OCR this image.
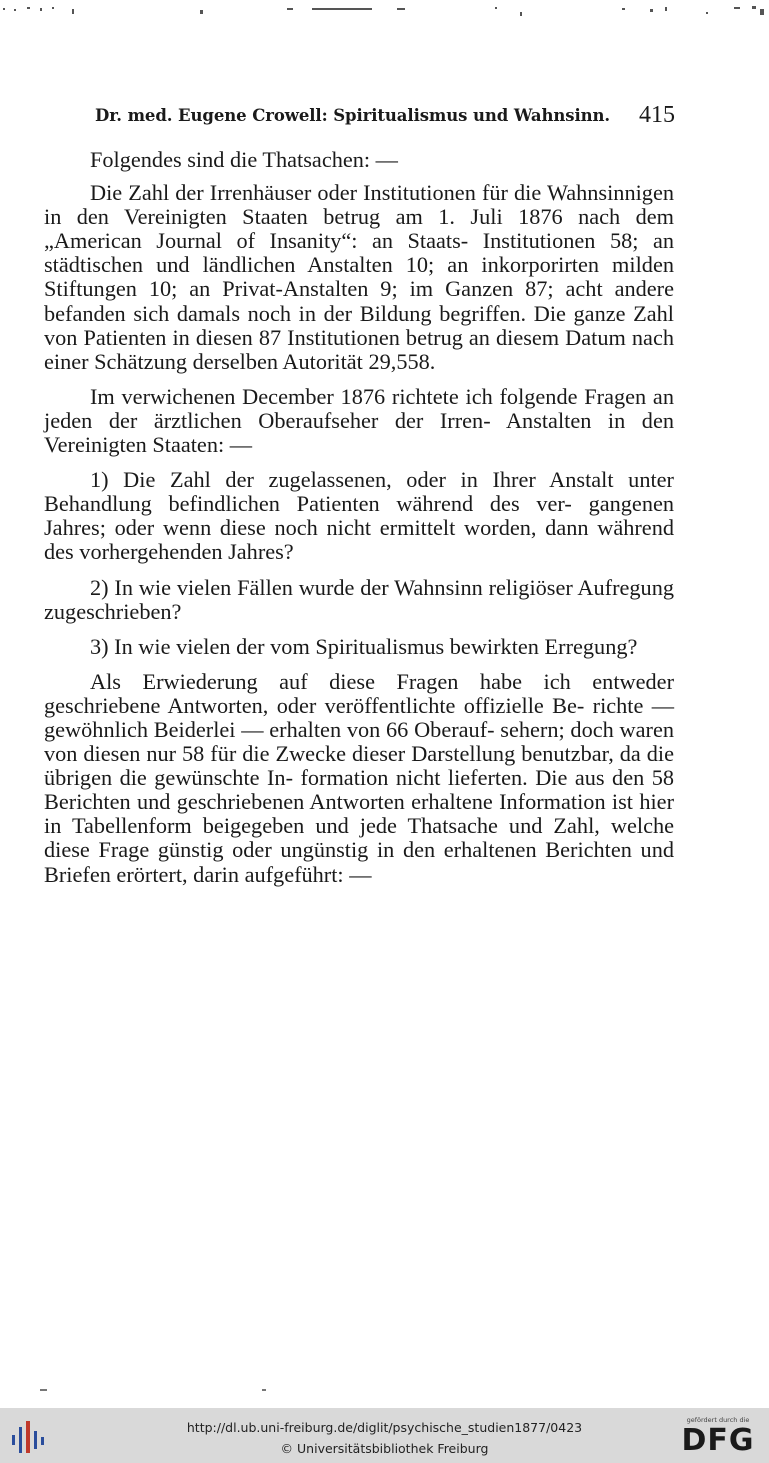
Dr. med. Eugene Crowell: Spiritualismus und Wahnsinn. 415

Folgendes sind die Thatsachen: —

Die Zahl der Irrenhäuser oder Institutionen für die Wahnsinnigen in den Vereinigten Staaten betrug am 1. Juli 1876 nach dem „American Journal of Insanity“: an Staats- Institutionen 58; an städtischen und ländlichen Anstalten 10; an inkorporirten milden Stiftungen 10; an Privat-Anstalten 9; im Ganzen 87; acht andere befanden sich damals noch in der Bildung begriffen. Die ganze Zahl von Patienten in diesen 87 Institutionen betrug an diesem Datum nach einer Schätzung derselben Autorität 29,558.

Im verwichenen December 1876 richtete ich folgende Fragen an jeden der ärztlichen Oberaufseher der Irren- Anstalten in den Vereinigten Staaten: —

1) Die Zahl der zugelassenen, oder in Ihrer Anstalt unter Behandlung befindlichen Patienten während des ver- gangenen Jahres; oder wenn diese noch nicht ermittelt worden, dann während des vorhergehenden Jahres?

2) In wie vielen Fällen wurde der Wahnsinn religiöser Aufregung zugeschrieben?

3) In wie vielen der vom Spiritualismus bewirkten Erregung?

Als Erwiederung auf diese Fragen habe ich entweder geschriebene Antworten, oder veröffentlichte offizielle Be- richte — gewöhnlich Beiderlei — erhalten von 66 Oberauf- sehern; doch waren von diesen nur 58 für die Zwecke dieser Darstellung benutzbar, da die übrigen die gewünschte In- formation nicht lieferten. Die aus den 58 Berichten und geschriebenen Antworten erhaltene Information ist hier in Tabellenform beigegeben und jede Thatsache und Zahl, welche diese Frage günstig oder ungünstig in den erhaltenen Berichten und Briefen erörtert, darin aufgeführt: —

http://dl.ub.uni-freiburg.de/diglit/psychische_studien1877/0423
© Universitätsbibliothek Freiburg
gefördert durch die
DFG
